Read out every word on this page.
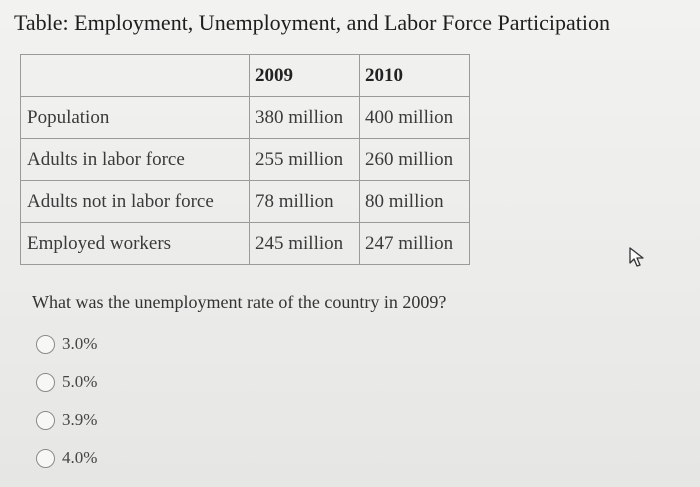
Table: Employment, Unemployment, and Labor Force Participation
	2009	2010
Population	380 million	400 million
Adults in labor force	255 million	260 million
Adults not in labor force	78 million	80 million
Employed workers	245 million	247 million
What was the unemployment rate of the country in 2009?
3.0%
5.0%
3.9%
4.0%
